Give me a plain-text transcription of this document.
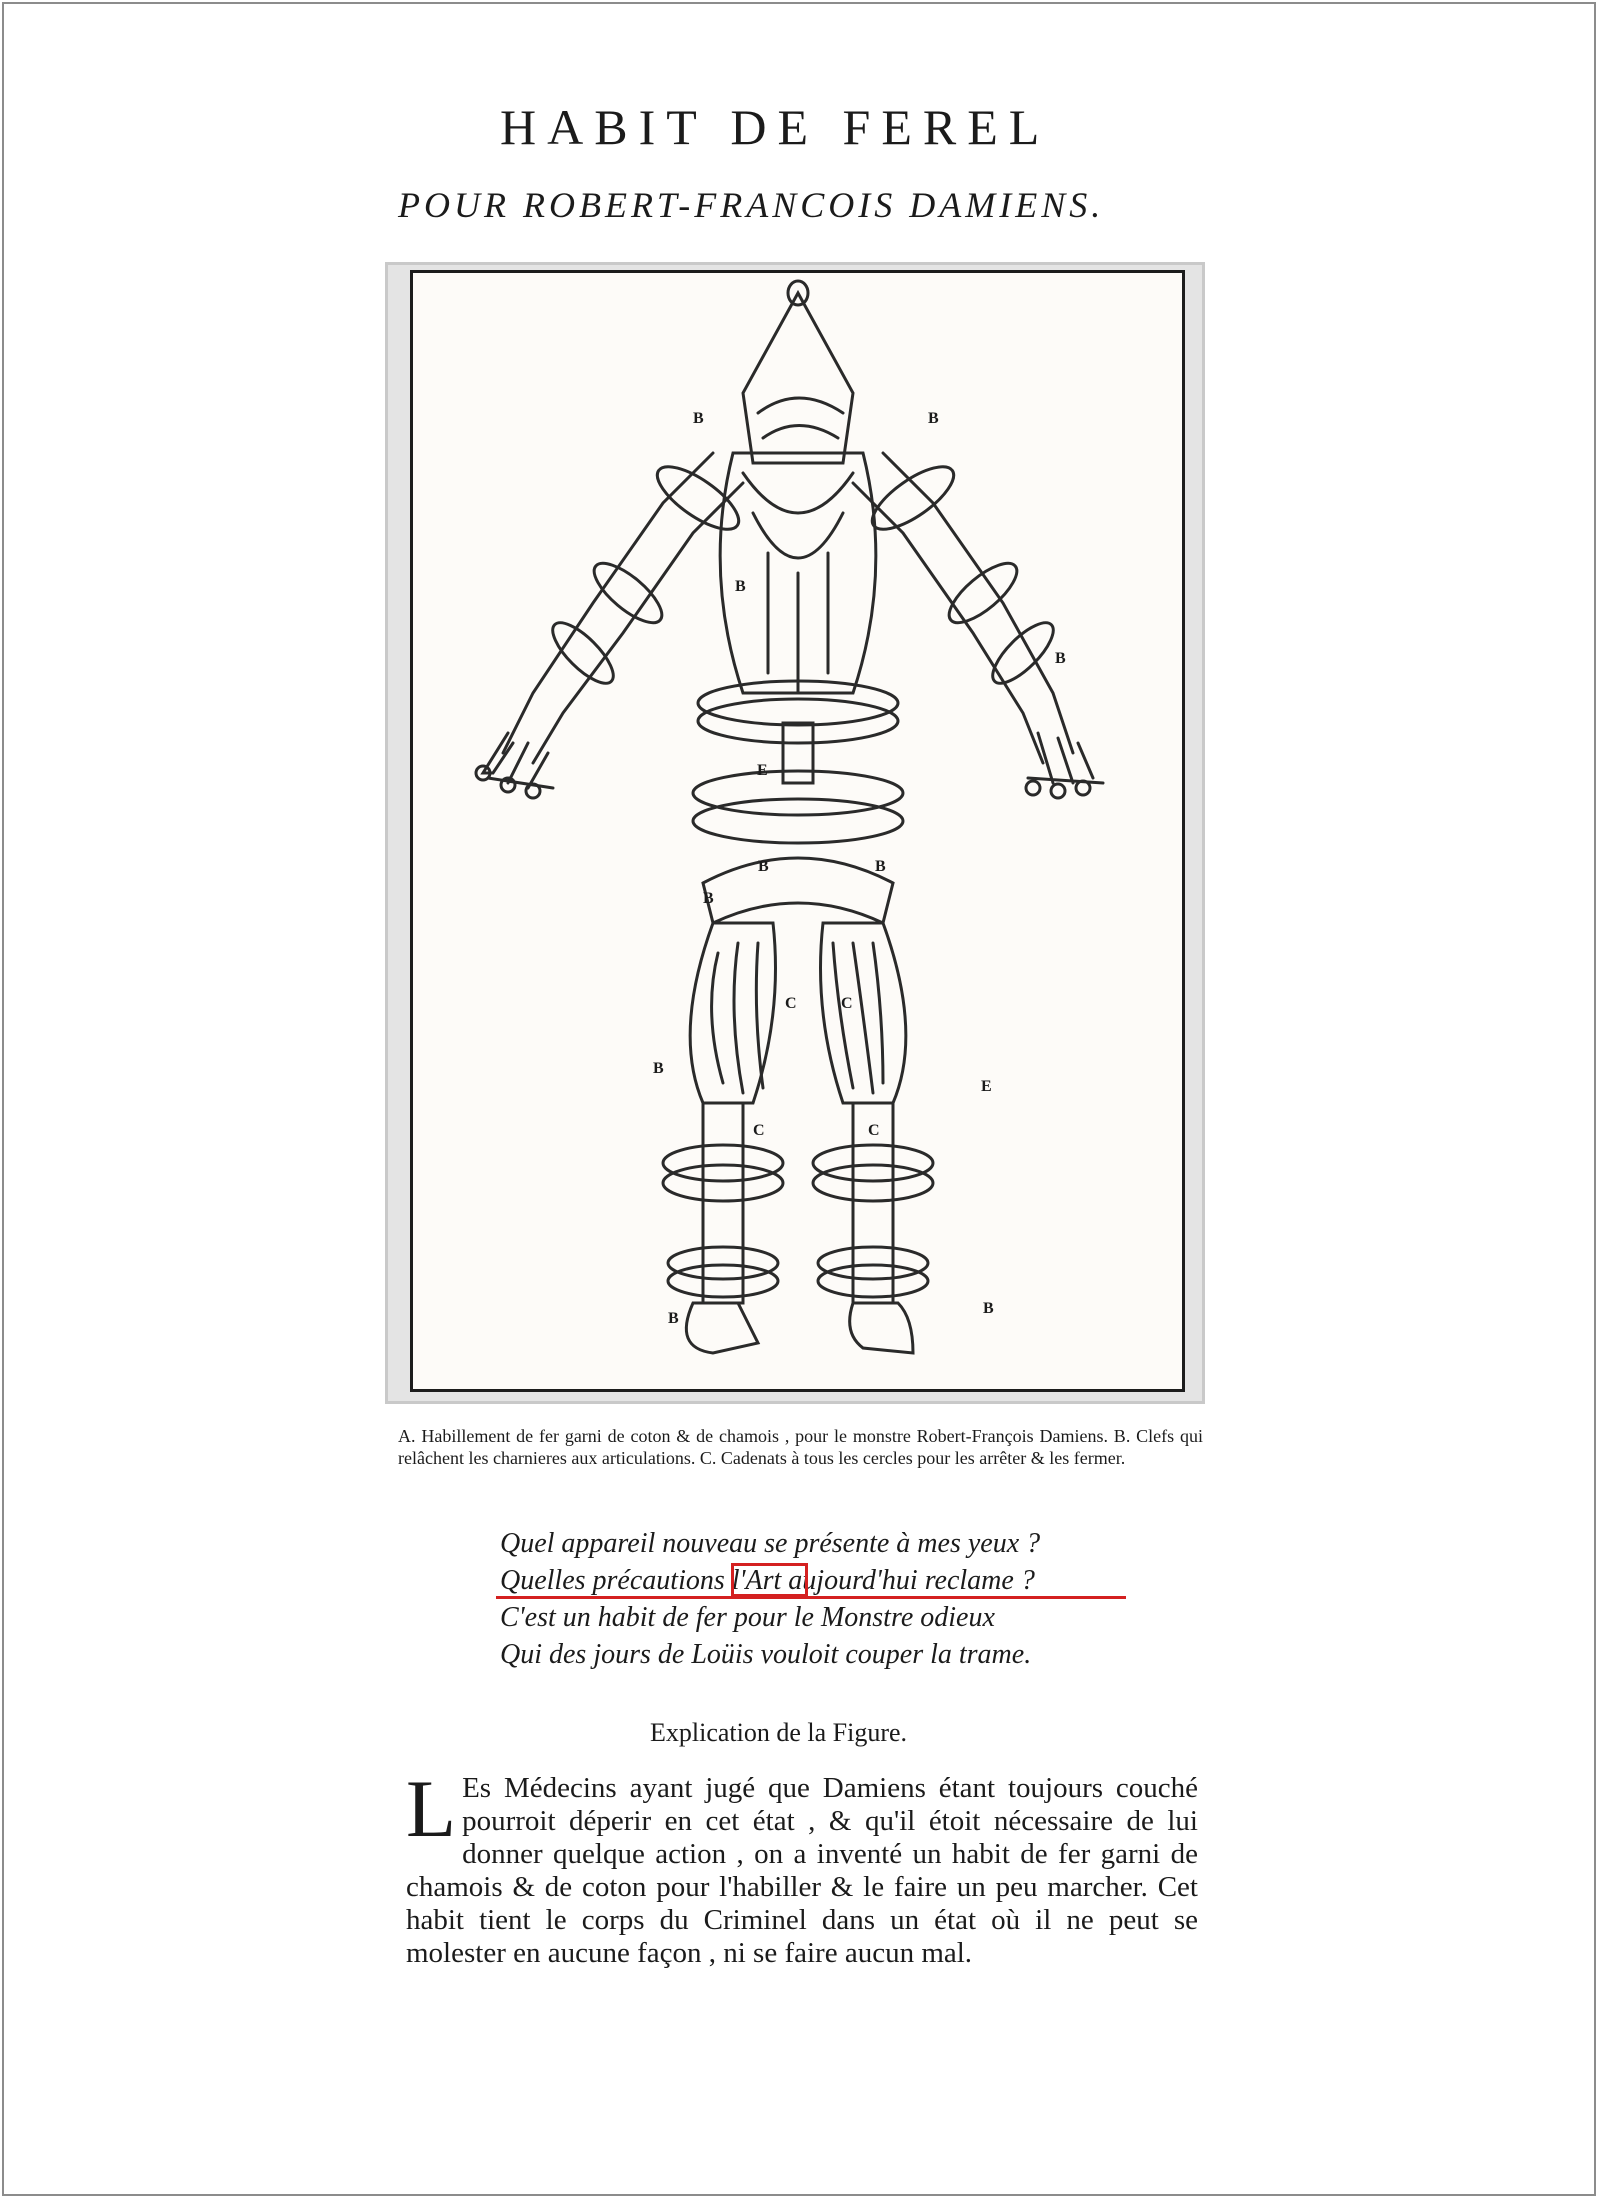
HABIT DE FEREL
POUR ROBERT-FRANCOIS DAMIENS.
B	B
B
B
E
B
B	B
C	C
B
E
C	C
B
B

A. Habillement de fer garni de coton & de chamois , pour le monstre Robert-François Damiens. B. Clefs qui relâchent les charnieres aux articulations. C. Cadenats à tous les cercles pour les arrêter & les fermer.

Quel appareil nouveau se présente à mes yeux ?
Quelles précautions l'Art aujourd'hui reclame ?
C'est un habit de fer pour le Monstre odieux
Qui des jours de Loüis vouloit couper la trame.
Explication de la Figure.

L Es Médecins ayant jugé que Damiens étant toujours couché pourroit déperir en cet état , & qu'il étoit nécessaire de lui donner quelque action , on a inventé un habit de fer garni de chamois & de coton pour l'habiller & le faire un peu marcher. Cet habit tient le corps du Criminel dans un état où il ne peut se molester en aucune façon , ni se faire aucun mal.
